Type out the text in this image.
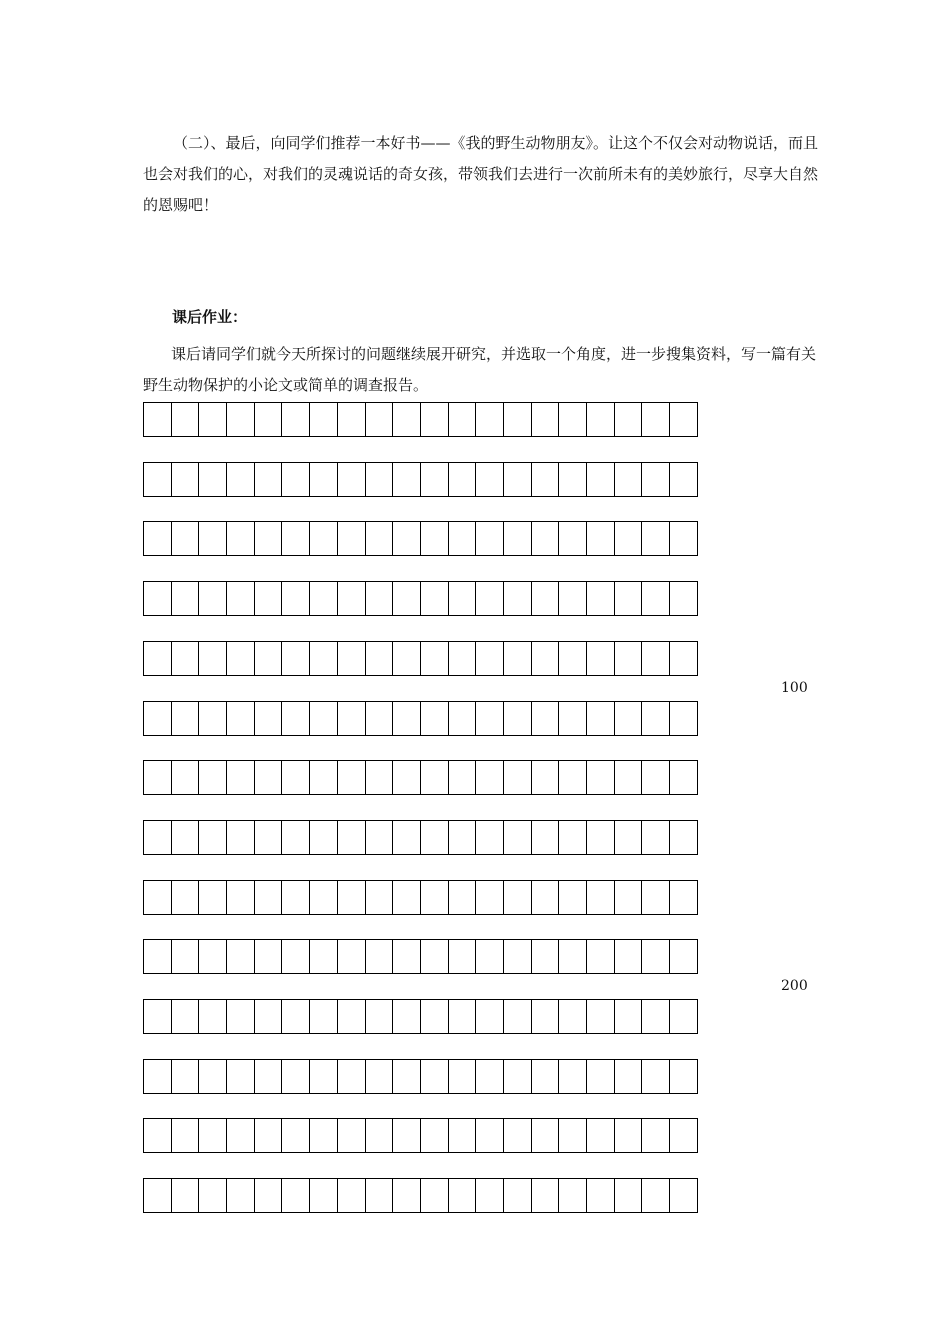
（二）、最后，向同学们推荐一本好书——《我的野生动物朋友》。让这个不仅会对动物说话，而且也会对我们的心，对我们的灵魂说话的奇女孩，带领我们去进行一次前所未有的美妙旅行，尽享大自然的恩赐吧！

课后作业：

课后请同学们就今天所探讨的问题继续展开研究，并选取一个角度，进一步搜集资料，写一篇有关野生动物保护的小论文或简单的调查报告。

100
200
